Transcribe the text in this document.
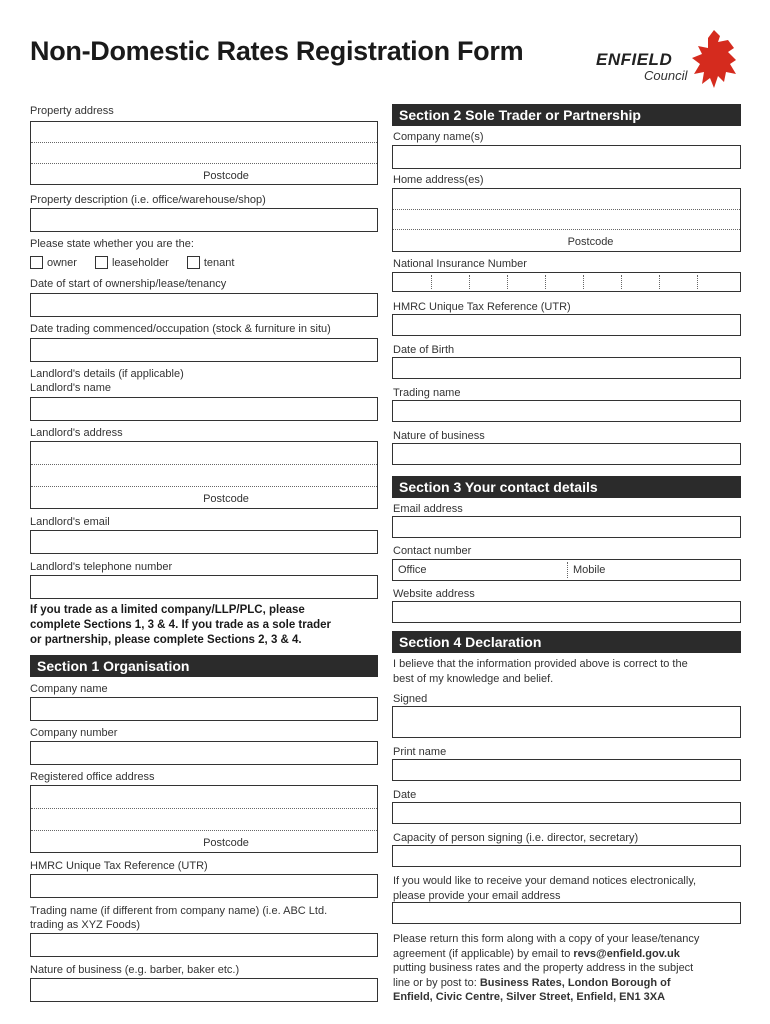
Non-Domestic Rates Registration Form	ENFIELD
Council
Property address
Postcode
Property description (i.e. office/warehouse/shop)
Please state whether you are the:
owner	leaseholder	tenant
Date of start of ownership/lease/tenancy
Date trading commenced/occupation (stock & furniture in situ)
Landlord's details (if applicable)
Landlord's name
Landlord's address
Postcode
Landlord's email
Landlord's telephone number
If you trade as a limited company/LLP/PLC, please
complete Sections 1, 3 & 4. If you trade as a sole trader
or partnership, please complete Sections 2, 3 & 4.
Section 1 Organisation
Company name
Company number
Registered office address
Postcode
HMRC Unique Tax Reference (UTR)
Trading name (if different from company name) (i.e. ABC Ltd.
trading as XYZ Foods)
Nature of business (e.g. barber, baker etc.)
Section 2 Sole Trader or Partnership
Company name(s)
Home address(es)
Postcode
National Insurance Number
HMRC Unique Tax Reference (UTR)
Date of Birth
Trading name
Nature of business
Section 3 Your contact details
Email address
Contact number
Office	Mobile
Website address
Section 4 Declaration
I believe that the information provided above is correct to the
best of my knowledge and belief.
Signed
Print name
Date
Capacity of person signing (i.e. director, secretary)
If you would like to receive your demand notices electronically,
please provide your email address
Please return this form along with a copy of your lease/tenancy
agreement (if applicable) by email to revs@enfield.gov.uk
putting business rates and the property address in the subject
line or by post to: Business Rates, London Borough of
Enfield, Civic Centre, Silver Street, Enfield, EN1 3XA
